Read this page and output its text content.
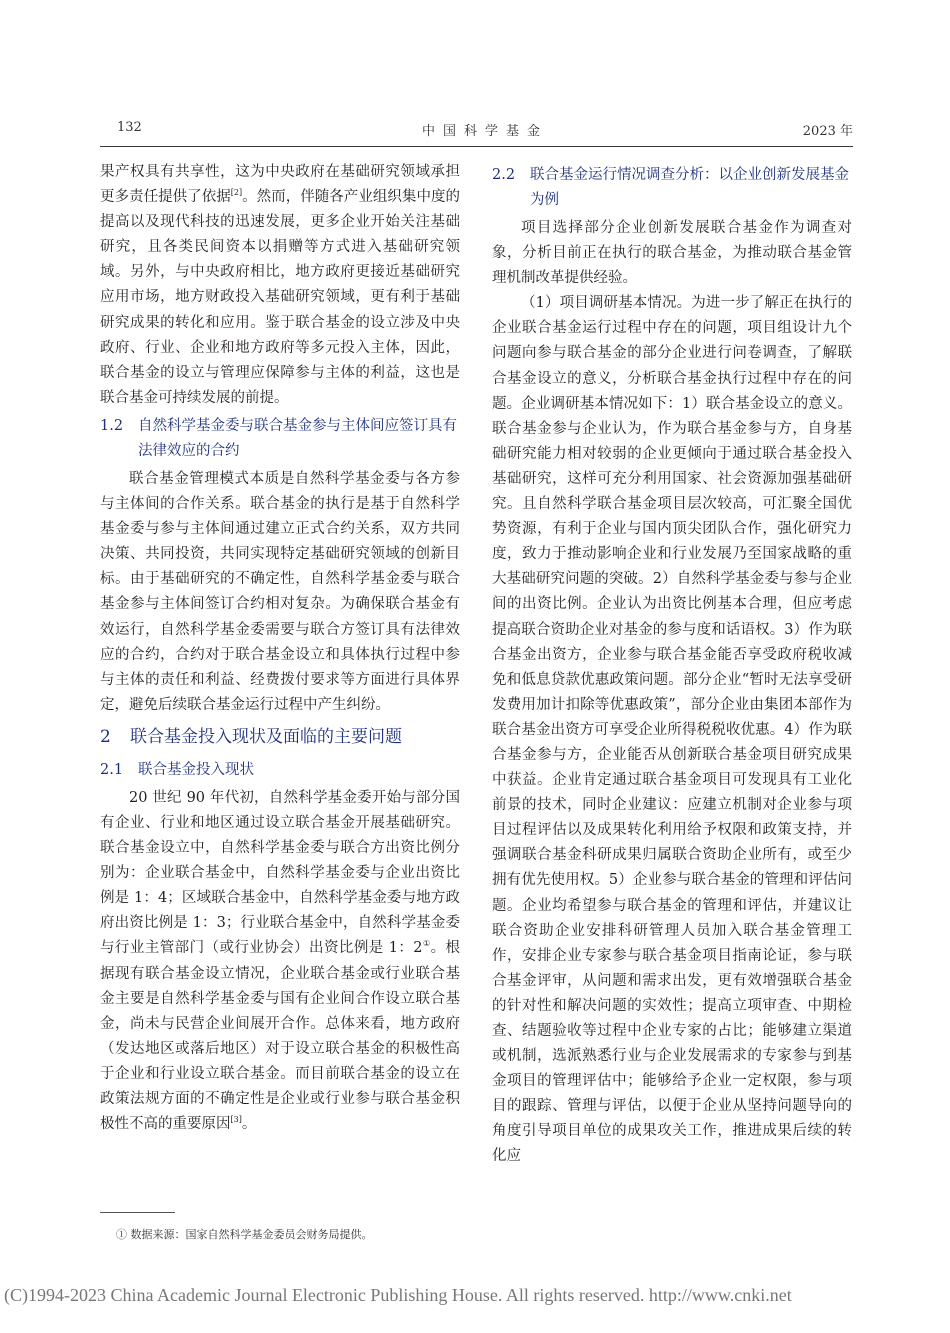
132	中国科学基金	2023 年

果产权具有共享性，这为中央政府在基础研究领域承担更多责任提供了依据[2]。然而，伴随各产业组织集中度的提高以及现代科技的迅速发展，更多企业开始关注基础研究，且各类民间资本以捐赠等方式进入基础研究领域。另外，与中央政府相比，地方政府更接近基础研究应用市场，地方财政投入基础研究领域，更有利于基础研究成果的转化和应用。鉴于联合基金的设立涉及中央政府、行业、企业和地方政府等多元投入主体，因此，联合基金的设立与管理应保障参与主体的利益，这也是联合基金可持续发展的前提。

1.2	自然科学基金委与联合基金参与主体间应签订具有法律效应的合约

联合基金管理模式本质是自然科学基金委与各方参与主体间的合作关系。联合基金的执行是基于自然科学基金委与参与主体间通过建立正式合约关系，双方共同决策、共同投资，共同实现特定基础研究领域的创新目标。由于基础研究的不确定性，自然科学基金委与联合基金参与主体间签订合约相对复杂。为确保联合基金有效运行，自然科学基金委需要与联合方签订具有法律效应的合约，合约对于联合基金设立和具体执行过程中参与主体的责任和利益、经费拨付要求等方面进行具体界定，避免后续联合基金运行过程中产生纠纷。

2	联合基金投入现状及面临的主要问题
2.1	联合基金投入现状

20 世纪 90 年代初，自然科学基金委开始与部分国有企业、行业和地区通过设立联合基金开展基础研究。联合基金设立中，自然科学基金委与联合方出资比例分别为：企业联合基金中，自然科学基金委与企业出资比例是 1：4；区域联合基金中，自然科学基金委与地方政府出资比例是 1：3；行业联合基金中，自然科学基金委与行业主管部门（或行业协会）出资比例是 1：2①。根据现有联合基金设立情况，企业联合基金或行业联合基金主要是自然科学基金委与国有企业间合作设立联合基金，尚未与民营企业间展开合作。总体来看，地方政府（发达地区或落后地区）对于设立联合基金的积极性高于企业和行业设立联合基金。而目前联合基金的设立在政策法规方面的不确定性是企业或行业参与联合基金积极性不高的重要原因[3]。

2.2	联合基金运行情况调查分析：以企业创新发展基金为例

项目选择部分企业创新发展联合基金作为调查对象，分析目前正在执行的联合基金，为推动联合基金管理机制改革提供经验。

（1）项目调研基本情况。为进一步了解正在执行的企业联合基金运行过程中存在的问题，项目组设计九个问题向参与联合基金的部分企业进行问卷调查，了解联合基金设立的意义，分析联合基金执行过程中存在的问题。企业调研基本情况如下：1）联合基金设立的意义。联合基金参与企业认为，作为联合基金参与方，自身基础研究能力相对较弱的企业更倾向于通过联合基金投入基础研究，这样可充分利用国家、社会资源加强基础研究。且自然科学联合基金项目层次较高，可汇聚全国优势资源，有利于企业与国内顶尖团队合作，强化研究力度，致力于推动影响企业和行业发展乃至国家战略的重大基础研究问题的突破。2）自然科学基金委与参与企业间的出资比例。企业认为出资比例基本合理，但应考虑提高联合资助企业对基金的参与度和话语权。3）作为联合基金出资方，企业参与联合基金能否享受政府税收减免和低息贷款优惠政策问题。部分企业“暂时无法享受研发费用加计扣除等优惠政策”，部分企业由集团本部作为联合基金出资方可享受企业所得税税收优惠。4）作为联合基金参与方，企业能否从创新联合基金项目研究成果中获益。企业肯定通过联合基金项目可发现具有工业化前景的技术，同时企业建议：应建立机制对企业参与项目过程评估以及成果转化利用给予权限和政策支持，并强调联合基金科研成果归属联合资助企业所有，或至少拥有优先使用权。5）企业参与联合基金的管理和评估问题。企业均希望参与联合基金的管理和评估，并建议让联合资助企业安排科研管理人员加入联合基金管理工作，安排企业专家参与联合基金项目指南论证，参与联合基金评审，从问题和需求出发，更有效增强联合基金的针对性和解决问题的实效性；提高立项审查、中期检查、结题验收等过程中企业专家的占比；能够建立渠道或机制，选派熟悉行业与企业发展需求的专家参与到基金项目的管理评估中；能够给予企业一定权限，参与项目的跟踪、管理与评估，以便于企业从坚持问题导向的角度引导项目单位的成果攻关工作，推进成果后续的转化应

① 数据来源：国家自然科学基金委员会财务局提供。
(C)1994-2023 China Academic Journal Electronic Publishing House. All rights reserved. http://www.cnki.net
